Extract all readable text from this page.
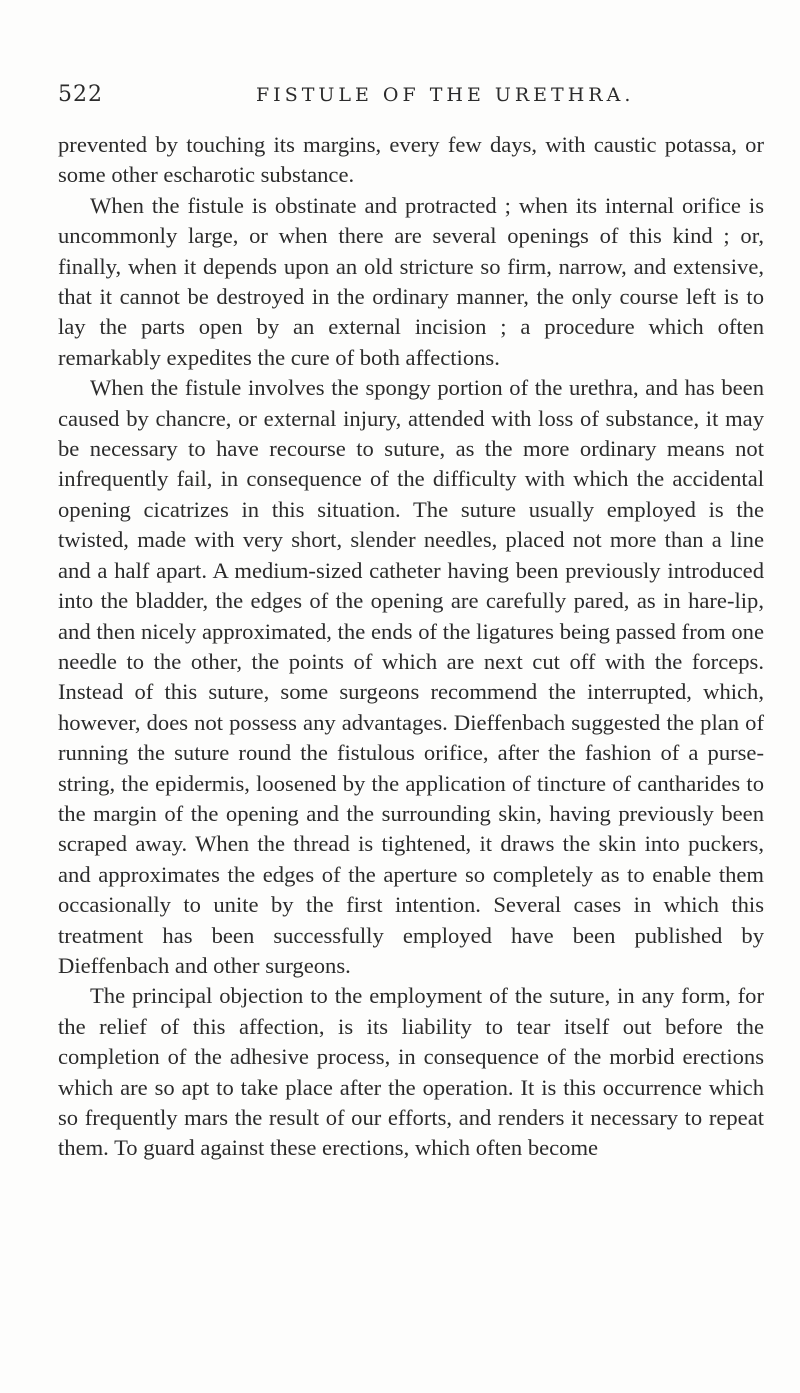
522	FISTULE OF THE URETHRA.

prevented by touching its margins, every few days, with caustic potassa, or some other escharotic substance.

When the fistule is obstinate and protracted ; when its internal orifice is uncommonly large, or when there are several openings of this kind ; or, finally, when it depends upon an old stricture so firm, narrow, and extensive, that it cannot be destroyed in the ordinary manner, the only course left is to lay the parts open by an external incision ; a procedure which often remarkably expedites the cure of both affections.

When the fistule involves the spongy portion of the urethra, and has been caused by chancre, or external injury, attended with loss of substance, it may be necessary to have recourse to suture, as the more ordinary means not infrequently fail, in consequence of the difficulty with which the accidental opening cicatrizes in this situation. The suture usually employed is the twisted, made with very short, slender needles, placed not more than a line and a half apart. A medium-sized catheter having been previously introduced into the bladder, the edges of the opening are carefully pared, as in hare-lip, and then nicely approximated, the ends of the ligatures being passed from one needle to the other, the points of which are next cut off with the forceps. Instead of this suture, some surgeons recommend the interrupted, which, however, does not possess any advantages. Dieffenbach suggested the plan of running the suture round the fistulous orifice, after the fashion of a purse-string, the epidermis, loosened by the application of tincture of cantharides to the margin of the opening and the surrounding skin, having previously been scraped away. When the thread is tightened, it draws the skin into puckers, and approximates the edges of the aperture so completely as to enable them occasionally to unite by the first intention. Several cases in which this treatment has been successfully employed have been published by Dieffenbach and other surgeons.

The principal objection to the employment of the suture, in any form, for the relief of this affection, is its liability to tear itself out before the completion of the adhesive process, in consequence of the morbid erections which are so apt to take place after the operation. It is this occurrence which so frequently mars the result of our efforts, and renders it necessary to repeat them. To guard against these erections, which often become
